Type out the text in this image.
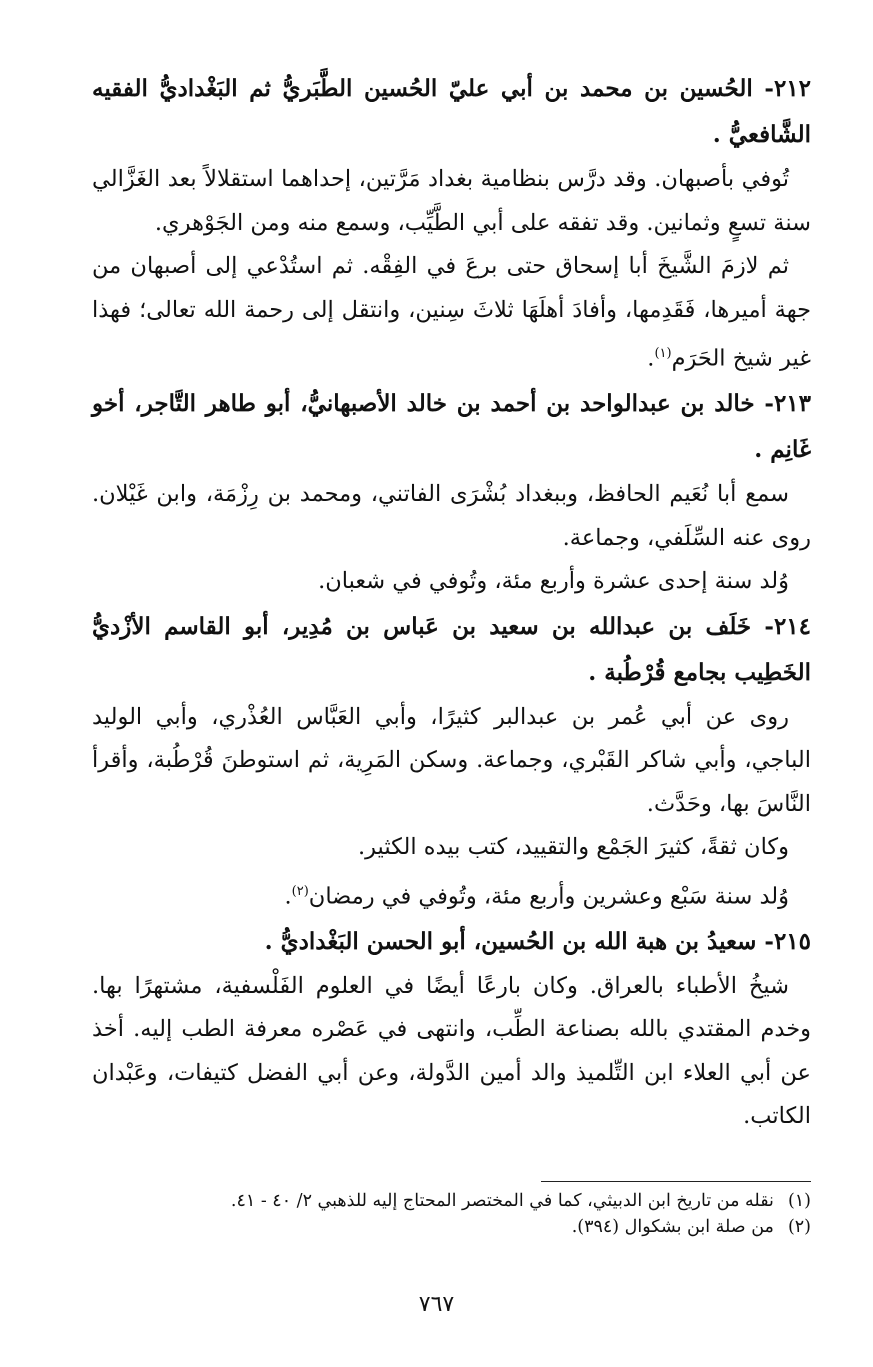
٢١٢- الحُسين بن محمد بن أبي عليّ الحُسين الطَّبَريُّ ثم البَغْداديُّ الفقيه الشَّافعيُّ .

تُوفي بأصبهان. وقد درَّس بنظامية بغداد مَرَّتين، إحداهما استقلالاً بعد الغَزَّالي سنة تسعٍ وثمانين. وقد تفقه على أبي الطَّيِّب، وسمع منه ومن الجَوْهري.

ثم لازمَ الشَّيخَ أبا إسحاق حتى برعَ في الفِقْه. ثم استُدْعي إلى أصبهان من جهة أميرها، فَقَدِمها، وأفادَ أهلَهَا ثلاثَ سِنين، وانتقل إلى رحمة الله تعالى؛ فهذا غير شيخ الحَرَم$^{(١)}$.

٢١٣- خالد بن عبدالواحد بن أحمد بن خالد الأصبهانيُّ، أبو طاهر التَّاجر، أخو غَانِم .

سمع أبا نُعَيم الحافظ، وببغداد بُشْرَى الفاتني، ومحمد بن رِزْمَة، وابن غَيْلان. روى عنه السِّلَفي، وجماعة.

وُلد سنة إحدى عشرة وأربع مئة، وتُوفي في شعبان.

٢١٤- خَلَف بن عبدالله بن سعيد بن عَباس بن مُدِير، أبو القاسم الأزْديُّ الخَطِيب بجامع قُرْطُبة .

روى عن أبي عُمر بن عبدالبر كثيرًا، وأبي العَبَّاس العُذْري، وأبي الوليد الباجي، وأبي شاكر القَبْري، وجماعة. وسكن المَرِية، ثم استوطنَ قُرْطُبة، وأقرأ النَّاسَ بها، وحَدَّث.

وكان ثقةً، كثيرَ الجَمْع والتقييد، كتب بيده الكثير.

وُلد سنة سَبْع وعشرين وأربع مئة، وتُوفي في رمضان$^{(٢)}$.

٢١٥- سعيدُ بن هبة الله بن الحُسين، أبو الحسن البَغْداديُّ .

شيخُ الأطباء بالعراق. وكان بارعًا أيضًا في العلوم الفَلْسفية، مشتهرًا بها. وخدم المقتدي بالله بصناعة الطِّب، وانتهى في عَصْره معرفة الطب إليه. أخذ عن أبي العلاء ابن التِّلميذ والد أمين الدَّولة، وعن أبي الفضل كتيفات، وعَبْدان الكاتب.

(١)نقله من تاريخ ابن الدبيثي، كما في المختصر المحتاج إليه للذهبي ٢/ ٤٠ - ٤١.

(٢)من صلة ابن بشكوال (٣٩٤).

٧٦٧
